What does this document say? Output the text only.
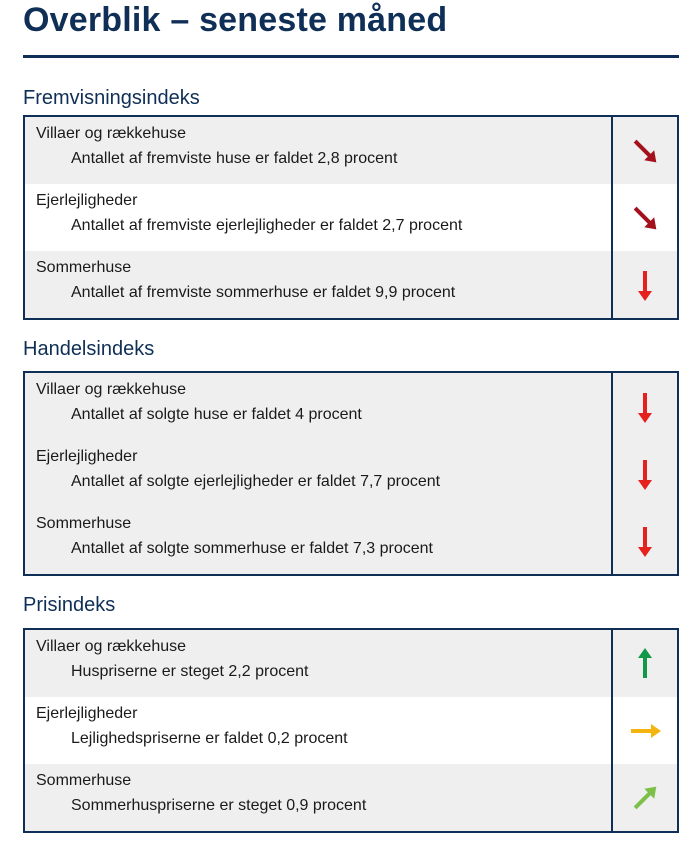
Overblik – seneste måned
Fremvisningsindeks
Villaer og rækkehuse
Antallet af fremviste huse er faldet 2,8 procent
Ejerlejligheder
Antallet af fremviste ejerlejligheder er faldet 2,7 procent
Sommerhuse
Antallet af fremviste sommerhuse er faldet 9,9 procent
Handelsindeks
Villaer og rækkehuse
Antallet af solgte huse er faldet 4 procent
Ejerlejligheder
Antallet af solgte ejerlejligheder er faldet 7,7 procent
Sommerhuse
Antallet af solgte sommerhuse er faldet 7,3 procent
Prisindeks
Villaer og rækkehuse
Huspriserne er steget 2,2 procent
Ejerlejligheder
Lejlighedspriserne er faldet 0,2 procent
Sommerhuse
Sommerhuspriserne er steget 0,9 procent
